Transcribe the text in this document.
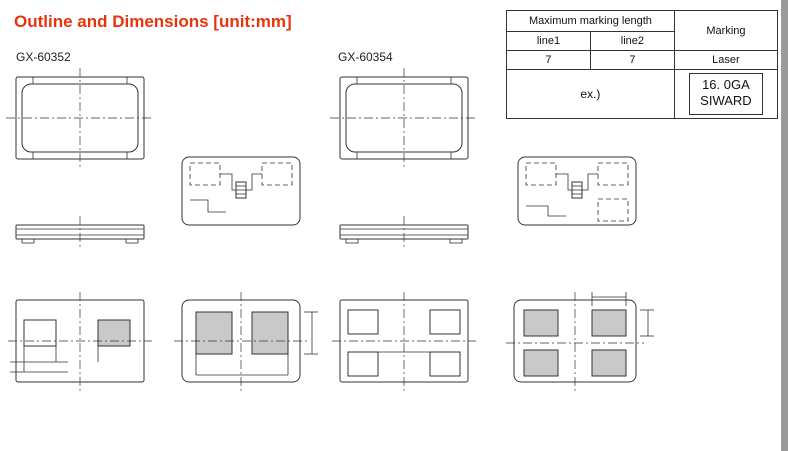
Outline and Dimensions [unit:mm]
GX-60352	GX-60354
Maximum marking length		Marking
line1	line2	
7	7	Laser
ex.)		16. 0GA
SIWARD
